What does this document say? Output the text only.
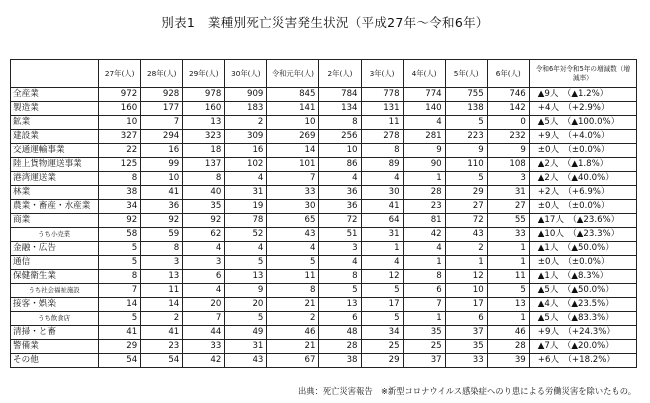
別表1　業種別死亡災害発生状況（平成27年～令和6年）
	27年(人)	28年(人)	29年(人)	30年(人)	令和元年(人)	2年(人)	3年(人)	4年(人)	5年(人)	6年(人)	令和6年対令和5年の増減数（増減率）
全産業	972	928	978	909	845	784	778	774	755	746	▲9人　（▲1.2%）
製造業	160	177	160	183	141	134	131	140	138	142	+4人　（+2.9%）
鉱業	10	7	13	2	10	8	11	4	5	0	▲5人　（▲100.0%）
建設業	327	294	323	309	269	256	278	281	223	232	+9人　（+4.0%）
交通運輸事業	22	16	18	16	14	10	8	9	9	9	±0人　（±0.0%）
陸上貨物運送事業	125	99	137	102	101	86	89	90	110	108	▲2人　（▲1.8%）
港湾運送業	8	10	8	4	7	4	4	1	5	3	▲2人　（▲40.0%）
林業	38	41	40	31	33	36	30	28	29	31	+2人　（+6.9%）
農業・畜産・水産業	34	36	35	19	30	36	41	23	27	27	±0人　（±0.0%）
商業	92	92	92	78	65	72	64	81	72	55	▲17人　（▲23.6%）
うち小売業	58	59	62	52	43	51	31	42	43	33	▲10人　（▲23.3%）
金融・広告	5	8	4	4	4	3	1	4	2	1	▲1人　（▲50.0%）
通信	5	3	3	5	5	4	4	1	1	1	±0人　（±0.0%）
保健衛生業	8	13	6	13	11	8	12	8	12	11	▲1人　（▲8.3%）
うち社会福祉施設	7	11	4	9	8	5	5	6	10	5	▲5人　（▲50.0%）
接客・娯楽	14	14	20	20	21	13	17	7	17	13	▲4人　（▲23.5%）
うち飲食店	5	2	7	5	2	6	5	1	6	1	▲5人　（▲83.3%）
清掃・と畜	41	41	44	49	46	48	34	35	37	46	+9人　（+24.3%）
警備業	29	23	33	31	21	28	25	25	35	28	▲7人　（▲20.0%）
その他	54	54	42	43	67	38	29	37	33	39	+6人　（+18.2%）
出典：死亡災害報告　※新型コロナウイルス感染症へのり患による労働災害を除いたもの。
